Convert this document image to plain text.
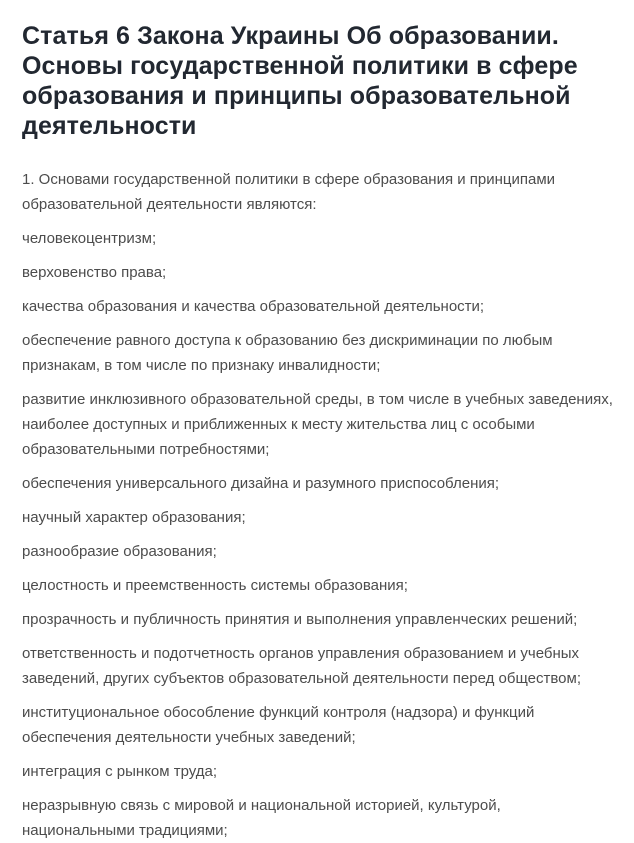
Статья 6 Закона Украины Об образовании. Основы государственной политики в сфере образования и принципы образовательной деятельности

1. Основами государственной политики в сфере образования и принципами образовательной деятельности являются:

человекоцентризм;

верховенство права;

качества образования и качества образовательной деятельности;

обеспечение равного доступа к образованию без дискриминации по любым признакам, в том числе по признаку инвалидности;

развитие инклюзивного образовательной среды, в том числе в учебных заведениях, наиболее доступных и приближенных к месту жительства лиц с особыми образовательными потребностями;

обеспечения универсального дизайна и разумного приспособления;

научный характер образования;

разнообразие образования;

целостность и преемственность системы образования;

прозрачность и публичность принятия и выполнения управленческих решений;

ответственность и подотчетность органов управления образованием и учебных заведений, других субъектов образовательной деятельности перед обществом;

институциональное обособление функций контроля (надзора) и функций обеспечения деятельности учебных заведений;

интеграция с рынком труда;

неразрывную связь с мировой и национальной историей, культурой, национальными традициями;
